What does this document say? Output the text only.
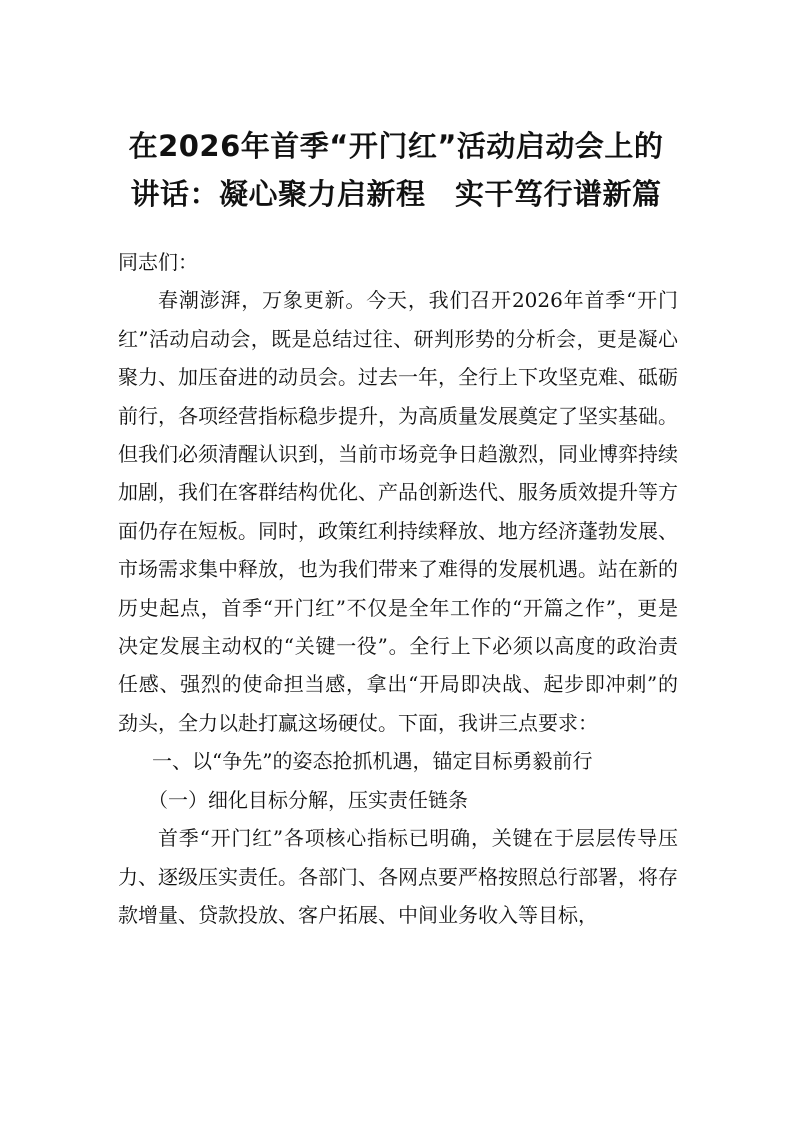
在2026年首季“开门红”活动启动会上的
讲话：凝心聚力启新程　实干笃行谱新篇

同志们：

春潮澎湃，万象更新。今天，我们召开2026年首季“开门红”活动启动会，既是总结过往、研判形势的分析会，更是凝心聚力、加压奋进的动员会。过去一年，全行上下攻坚克难、砥砺前行，各项经营指标稳步提升，为高质量发展奠定了坚实基础。但我们必须清醒认识到，当前市场竞争日趋激烈，同业博弈持续加剧，我们在客群结构优化、产品创新迭代、服务质效提升等方面仍存在短板。同时，政策红利持续释放、地方经济蓬勃发展、市场需求集中释放，也为我们带来了难得的发展机遇。站在新的历史起点，首季“开门红”不仅是全年工作的“开篇之作”，更是决定发展主动权的“关键一役”。全行上下必须以高度的政治责任感、强烈的使命担当感，拿出“开局即决战、起步即冲刺”的劲头，全力以赴打赢这场硬仗。下面，我讲三点要求：

一、以“争先”的姿态抢抓机遇，锚定目标勇毅前行

（一）细化目标分解，压实责任链条

首季“开门红”各项核心指标已明确，关键在于层层传导压力、逐级压实责任。各部门、各网点要严格按照总行部署，将存款增量、贷款投放、客户拓展、中间业务收入等目标，
